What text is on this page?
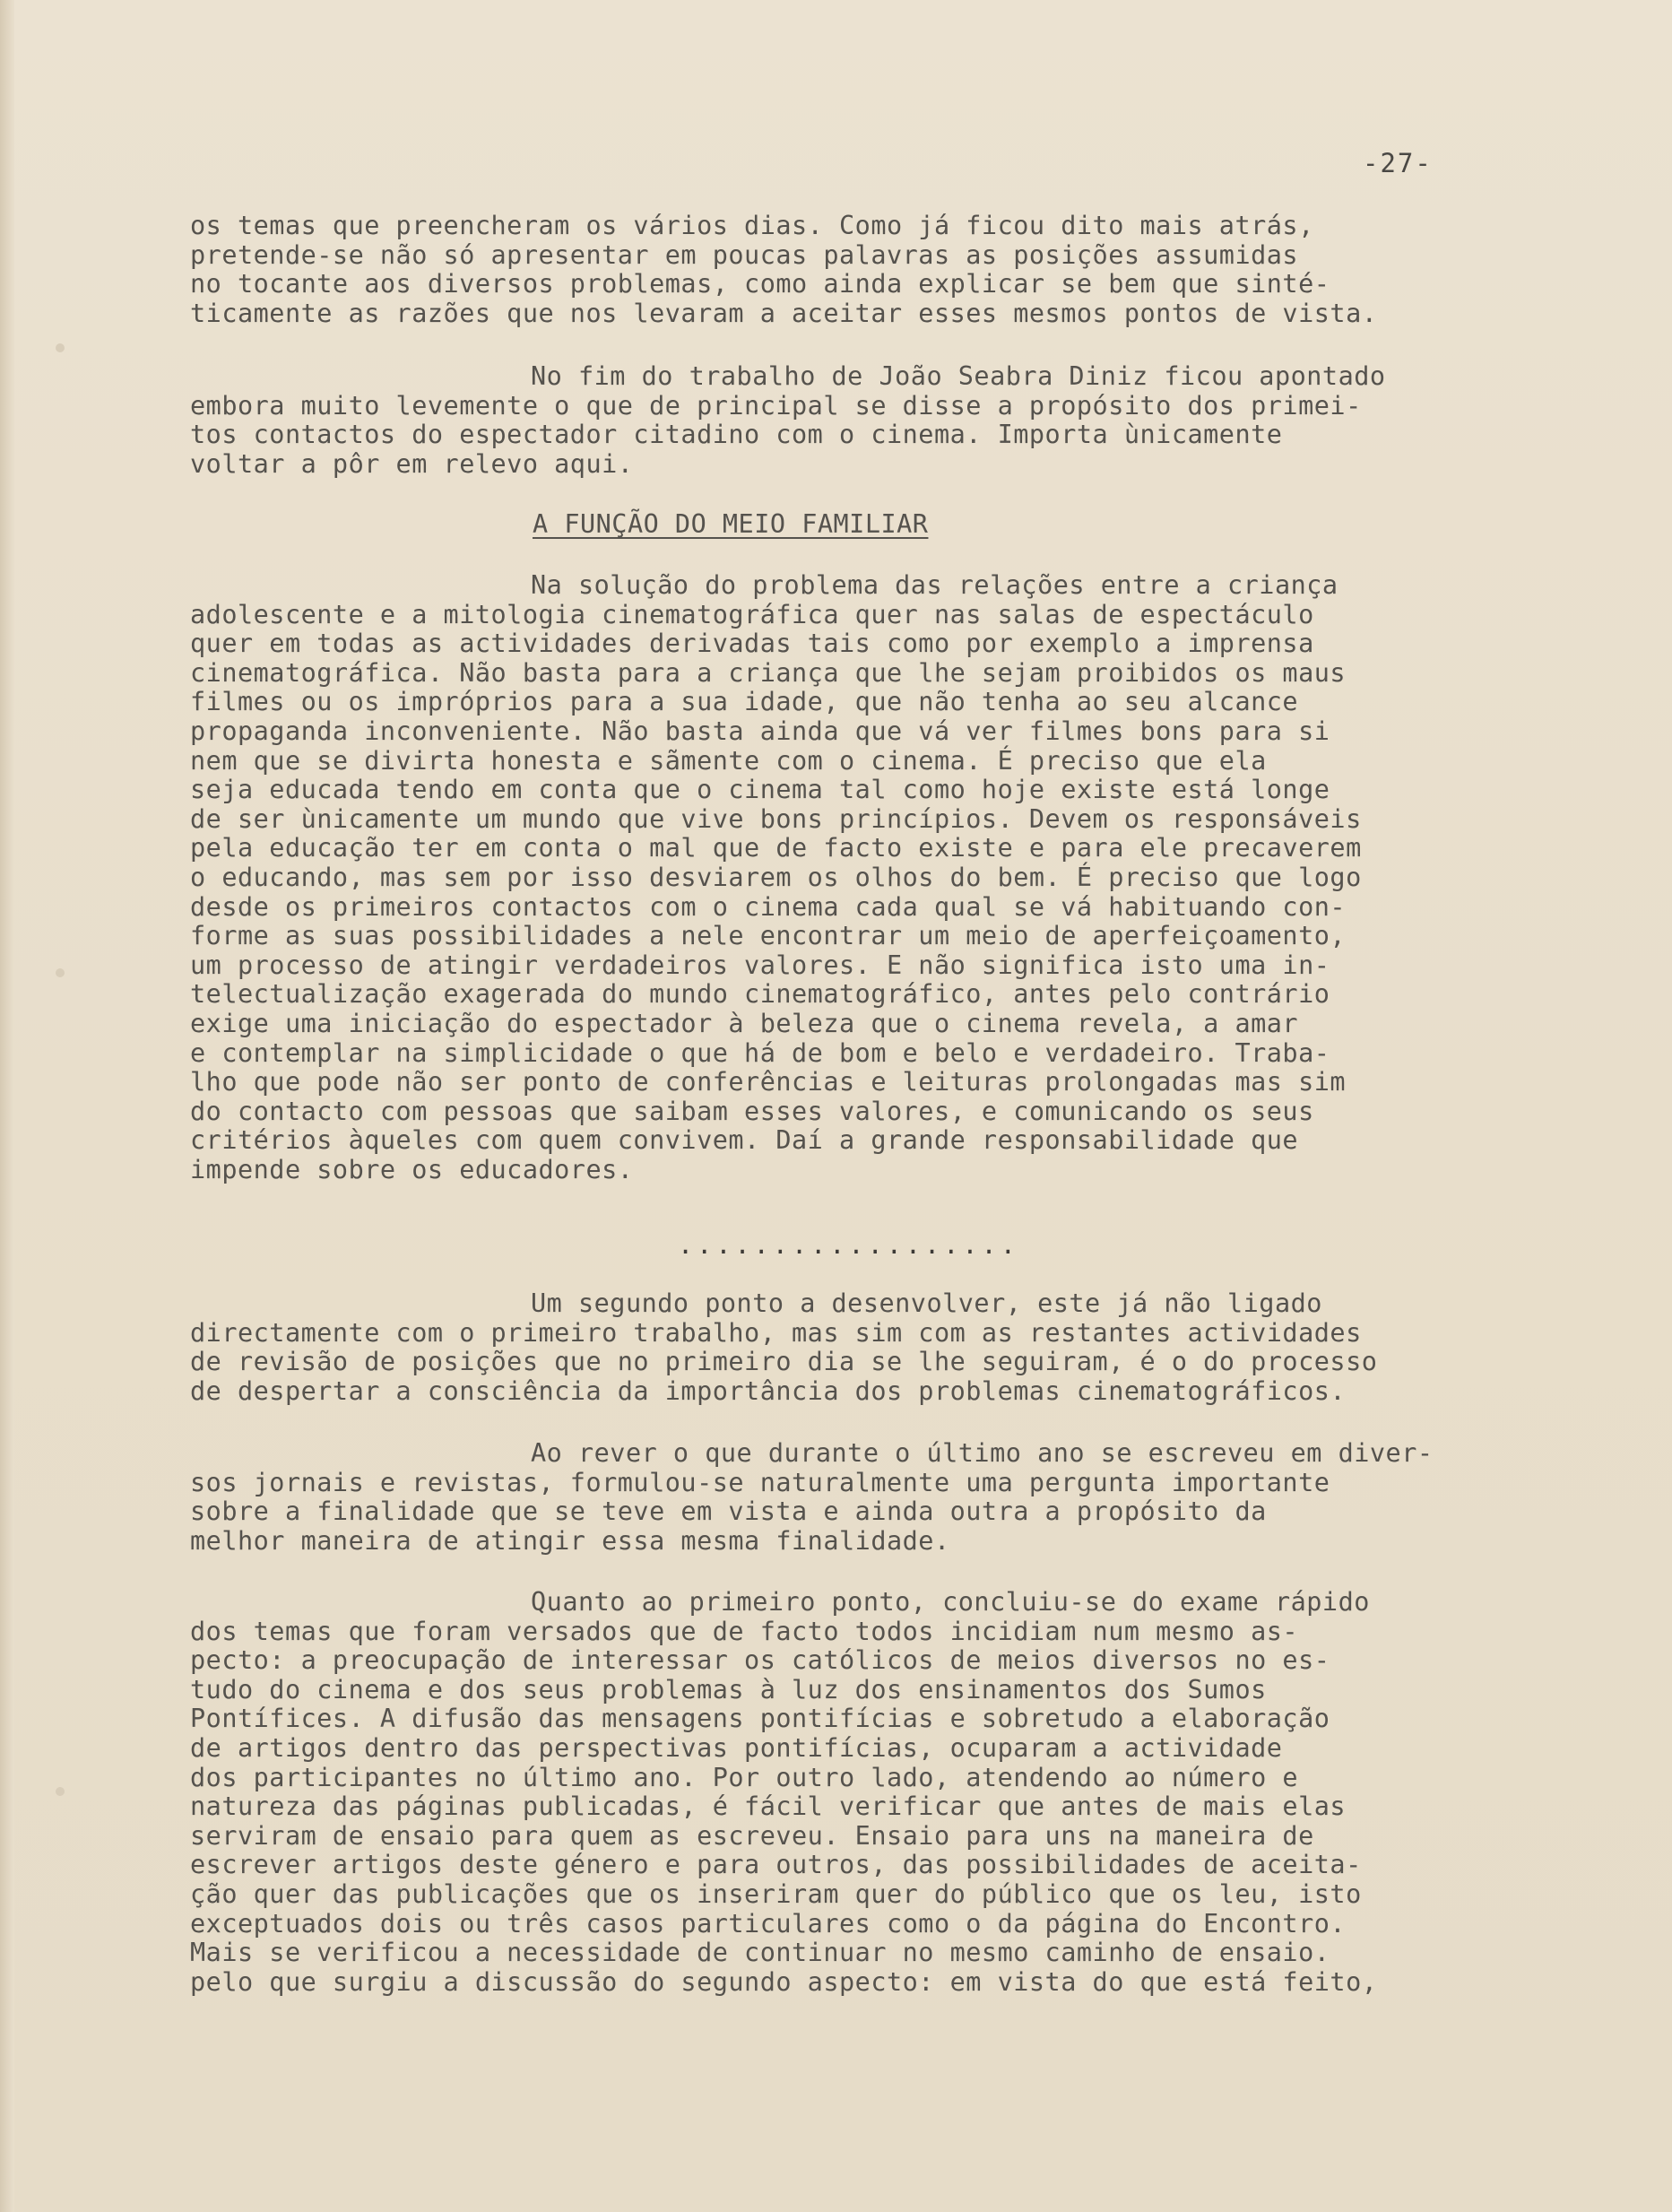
-27-
os temas que preencheram os vários dias. Como já ficou dito mais atrás,
pretende-se não só apresentar em poucas palavras as posições assumidas
no tocante aos diversos problemas, como ainda explicar se bem que sinté-
ticamente as razões que nos levaram a aceitar esses mesmos pontos de vista.
No fim do trabalho de João Seabra Diniz ficou apontado
embora muito levemente o que de principal se disse a propósito dos primei-
tos contactos do espectador citadino com o cinema. Importa ùnicamente
voltar a pôr em relevo aqui.
A FUNÇÃO DO MEIO FAMILIAR
Na solução do problema das relações entre a criança
adolescente e a mitologia cinematográfica quer nas salas de espectáculo
quer em todas as actividades derivadas tais como por exemplo a imprensa
cinematográfica. Não basta para a criança que lhe sejam proibidos os maus
filmes ou os impróprios para a sua idade, que não tenha ao seu alcance
propaganda inconveniente. Não basta ainda que vá ver filmes bons para si
nem que se divirta honesta e sãmente com o cinema. É preciso que ela
seja educada tendo em conta que o cinema tal como hoje existe está longe
de ser ùnicamente um mundo que vive bons princípios. Devem os responsáveis
pela educação ter em conta o mal que de facto existe e para ele precaverem
o educando, mas sem por isso desviarem os olhos do bem. É preciso que logo
desde os primeiros contactos com o cinema cada qual se vá habituando con-
forme as suas possibilidades a nele encontrar um meio de aperfeiçoamento,
um processo de atingir verdadeiros valores. E não significa isto uma in-
telectualização exagerada do mundo cinematográfico, antes pelo contrário
exige uma iniciação do espectador à beleza que o cinema revela, a amar
e contemplar na simplicidade o que há de bom e belo e verdadeiro. Traba-
lho que pode não ser ponto de conferências e leituras prolongadas mas sim
do contacto com pessoas que saibam esses valores, e comunicando os seus
critérios àqueles com quem convivem. Daí a grande responsabilidade que
impende sobre os educadores.
..................
Um segundo ponto a desenvolver, este já não ligado
directamente com o primeiro trabalho, mas sim com as restantes actividades
de revisão de posições que no primeiro dia se lhe seguiram, é o do processo
de despertar a consciência da importância dos problemas cinematográficos.
Ao rever o que durante o último ano se escreveu em diver-
sos jornais e revistas, formulou-se naturalmente uma pergunta importante
sobre a finalidade que se teve em vista e ainda outra a propósito da
melhor maneira de atingir essa mesma finalidade.
Quanto ao primeiro ponto, concluiu-se do exame rápido
dos temas que foram versados que de facto todos incidiam num mesmo as-
pecto: a preocupação de interessar os católicos de meios diversos no es-
tudo do cinema e dos seus problemas à luz dos ensinamentos dos Sumos
Pontífices. A difusão das mensagens pontifícias e sobretudo a elaboração
de artigos dentro das perspectivas pontifícias, ocuparam a actividade
dos participantes no último ano. Por outro lado, atendendo ao número e
natureza das páginas publicadas, é fácil verificar que antes de mais elas
serviram de ensaio para quem as escreveu. Ensaio para uns na maneira de
escrever artigos deste género e para outros, das possibilidades de aceita-
ção quer das publicações que os inseriram quer do público que os leu, isto
exceptuados dois ou três casos particulares como o da página do Encontro.
Mais se verificou a necessidade de continuar no mesmo caminho de ensaio.
pelo que surgiu a discussão do segundo aspecto: em vista do que está feito,
